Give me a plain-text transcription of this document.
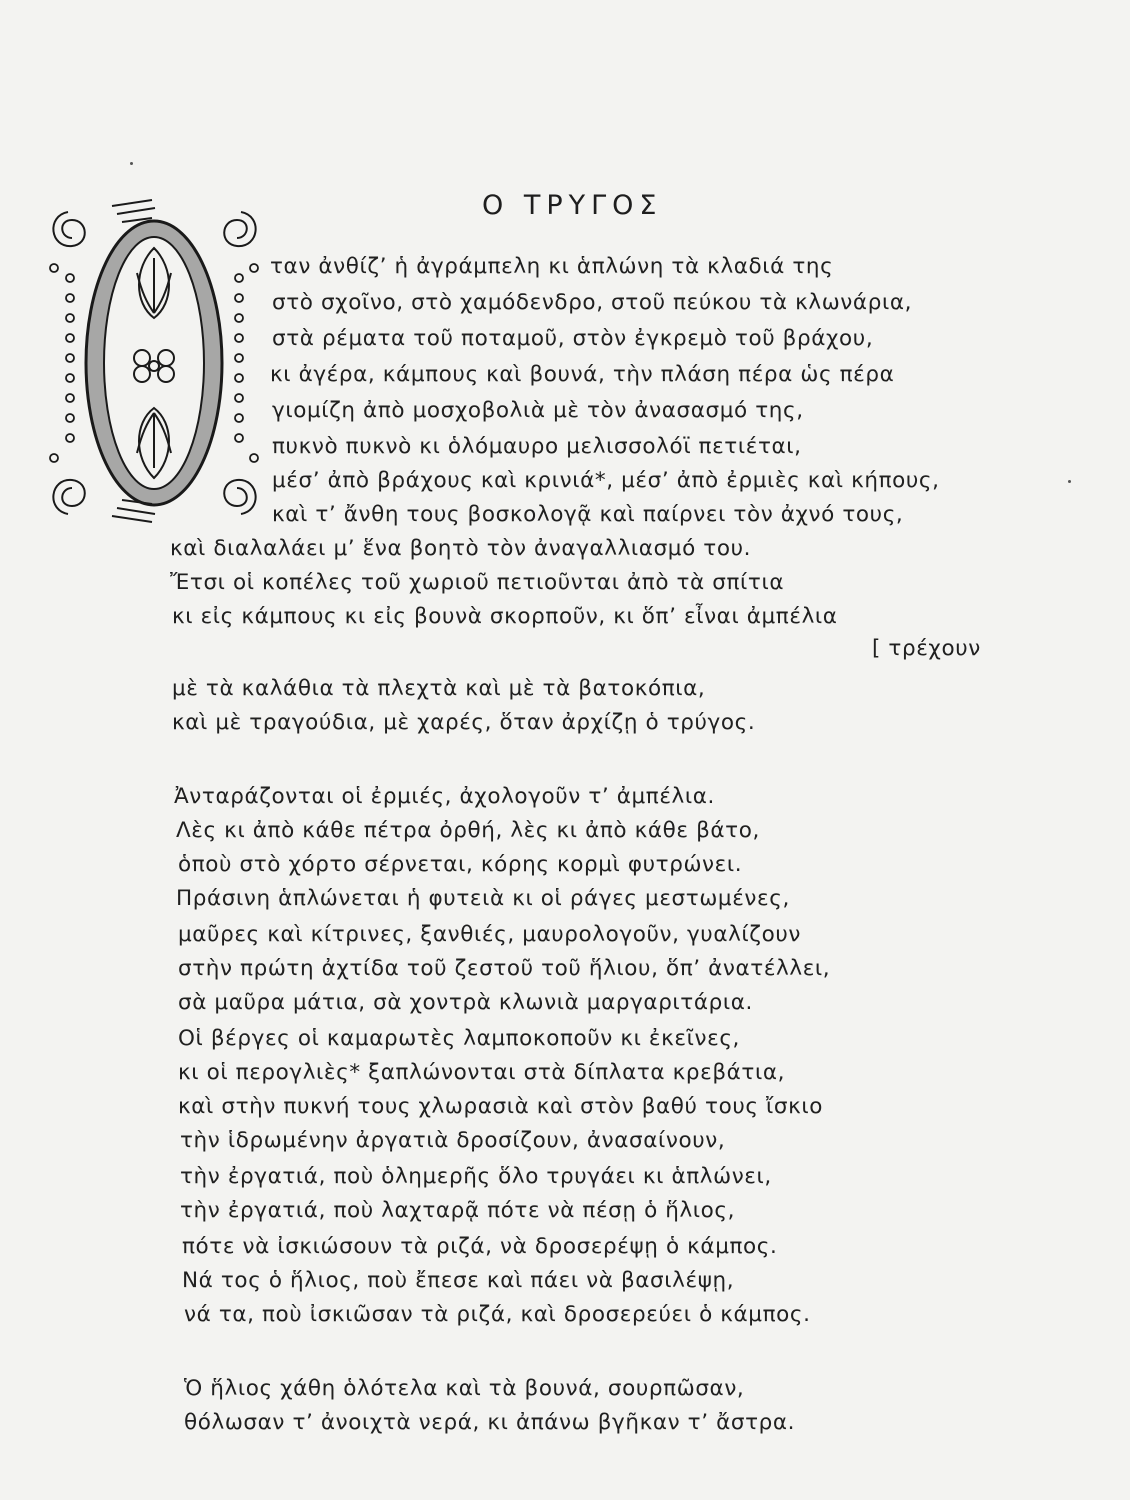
Ο ΤΡΥΓΟΣ
ταν ἀνθίζ’ ἡ ἀγράμπελη κι ἁπλώνη τὰ κλαδιά της
στὸ σχοῖνο, στὸ χαμόδενδρο, στοῦ πεύκου τὰ κλωνάρια,
στὰ ρέματα τοῦ ποταμοῦ, στὸν ἐγκρεμὸ τοῦ βράχου,
κι ἀγέρα, κάμπους καὶ βουνά, τὴν πλάση πέρα ὡς πέρα
γιομίζη ἀπὸ μοσχοβολιὰ μὲ τὸν ἀνασασμό της,
πυκνὸ πυκνὸ κι ὁλόμαυρο μελισσολόϊ πετιέται,
μέσ’ ἀπὸ βράχους καὶ κρινιά*, μέσ’ ἀπὸ ἐρμιὲς καὶ κήπους,
καὶ τ’ ἄνθη τους βοσκολογᾷ καὶ παίρνει τὸν ἀχνό τους,
καὶ διαλαλάει μ’ ἕνα βοητὸ τὸν ἀναγαλλιασμό του.
Ἔτσι οἱ κοπέλες τοῦ χωριοῦ πετιοῦνται ἀπὸ τὰ σπίτια
κι εἰς κάμπους κι εἰς βουνὰ σκορποῦν, κι ὅπ’ εἶναι ἀμπέλια
[ τρέχουν
μὲ τὰ καλάθια τὰ πλεχτὰ καὶ μὲ τὰ βατοκόπια,
καὶ μὲ τραγούδια, μὲ χαρές, ὅταν ἀρχίζῃ ὁ τρύγος.
Ἀνταράζονται οἱ ἐρμιές, ἀχολογοῦν τ’ ἀμπέλια.
Λὲς κι ἀπὸ κάθε πέτρα ὀρθή, λὲς κι ἀπὸ κάθε βάτο,
ὁποὺ στὸ χόρτο σέρνεται, κόρης κορμὶ φυτρώνει.
Πράσινη ἁπλώνεται ἡ φυτειὰ κι οἱ ράγες μεστωμένες,
μαῦρες καὶ κίτρινες, ξανθιές, μαυρολογοῦν, γυαλίζουν
στὴν πρώτη ἀχτίδα τοῦ ζεστοῦ τοῦ ἥλιου, ὅπ’ ἀνατέλλει,
σὰ μαῦρα μάτια, σὰ χοντρὰ κλωνιὰ μαργαριτάρια.
Οἱ βέργες οἱ καμαρωτὲς λαμποκοποῦν κι ἐκεῖνες,
κι οἱ περογλιὲς* ξαπλώνονται στὰ δίπλατα κρεβάτια,
καὶ στὴν πυκνή τους χλωρασιὰ καὶ στὸν βαθύ τους ἴσκιο
τὴν ἱδρωμένην ἀργατιὰ δροσίζουν, ἀνασαίνουν,
τὴν ἐργατιά, ποὺ ὁλημερῆς ὅλο τρυγάει κι ἁπλώνει,
τὴν ἐργατιά, ποὺ λαχταρᾷ πότε νὰ πέσῃ ὁ ἥλιος,
πότε νὰ ἰσκιώσουν τὰ ριζά, νὰ δροσερέψῃ ὁ κάμπος.
Νά τος ὁ ἥλιος, ποὺ ἔπεσε καὶ πάει νὰ βασιλέψῃ,
νά τα, ποὺ ἰσκιῶσαν τὰ ριζά, καὶ δροσερεύει ὁ κάμπος.
Ὁ ἥλιος χάθη ὁλότελα καὶ τὰ βουνά, σουρπῶσαν,
θόλωσαν τ’ ἀνοιχτὰ νερά, κι ἀπάνω βγῆκαν τ’ ἄστρα.
